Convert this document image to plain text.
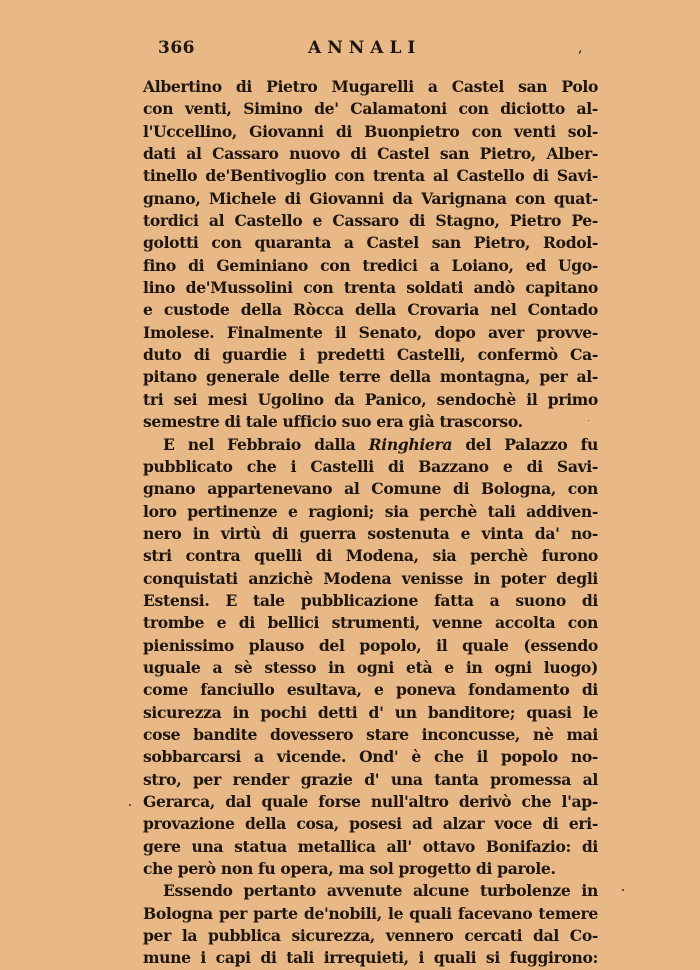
366	ANNALI	,
Albertino di Pietro Mugarelli a Castel san Polo
con venti, Simino de' Calamatoni con diciotto al-
l'Uccellino, Giovanni di Buonpietro con venti sol-
dati al Cassaro nuovo di Castel san Pietro, Alber-
tinello de'Bentivoglio con trenta al Castello di Savi-
gnano, Michele di Giovanni da Varignana con quat-
tordici al Castello e Cassaro di Stagno, Pietro Pe-
golotti con quaranta a Castel san Pietro, Rodol-
fino di Geminiano con tredici a Loiano, ed Ugo-
lino de'Mussolini con trenta soldati andò capitano
e custode della Ròcca della Crovaria nel Contado
Imolese. Finalmente il Senato, dopo aver provve-
duto di guardie i predetti Castelli, confermò Ca-
pitano generale delle terre della montagna, per al-
tri sei mesi Ugolino da Panico, sendochè il primo
semestre di tale ufficio suo era già trascorso.
E nel Febbraio dalla Ringhiera del Palazzo fu
pubblicato che i Castelli di Bazzano e di Savi-
gnano appartenevano al Comune di Bologna, con
loro pertinenze e ragioni; sia perchè tali addiven-
nero in virtù di guerra sostenuta e vinta da' no-
stri contra quelli di Modena, sia perchè furono
conquistati anzichè Modena venisse in poter degli
Estensi. E tale pubblicazione fatta a suono di
trombe e di bellici strumenti, venne accolta con
pienissimo plauso del popolo, il quale (essendo
uguale a sè stesso in ogni età e in ogni luogo)
come fanciullo esultava, e poneva fondamento di
sicurezza in pochi detti d' un banditore; quasi le
cose bandite dovessero stare inconcusse, nè mai
sobbarcarsi a vicende. Ond' è che il popolo no-
stro, per render grazie d' una tanta promessa al
Gerarca, dal quale forse null'altro derivò che l'ap-
provazione della cosa, posesi ad alzar voce di eri-
gere una statua metallica all' ottavo Bonifazio: di
che però non fu opera, ma sol progetto di parole.
Essendo pertanto avvenute alcune turbolenze in
Bologna per parte de'nobili, le quali facevano temere
per la pubblica sicurezza, vennero cercati dal Co-
mune i capi di tali irrequieti, i quali si fuggirono:
